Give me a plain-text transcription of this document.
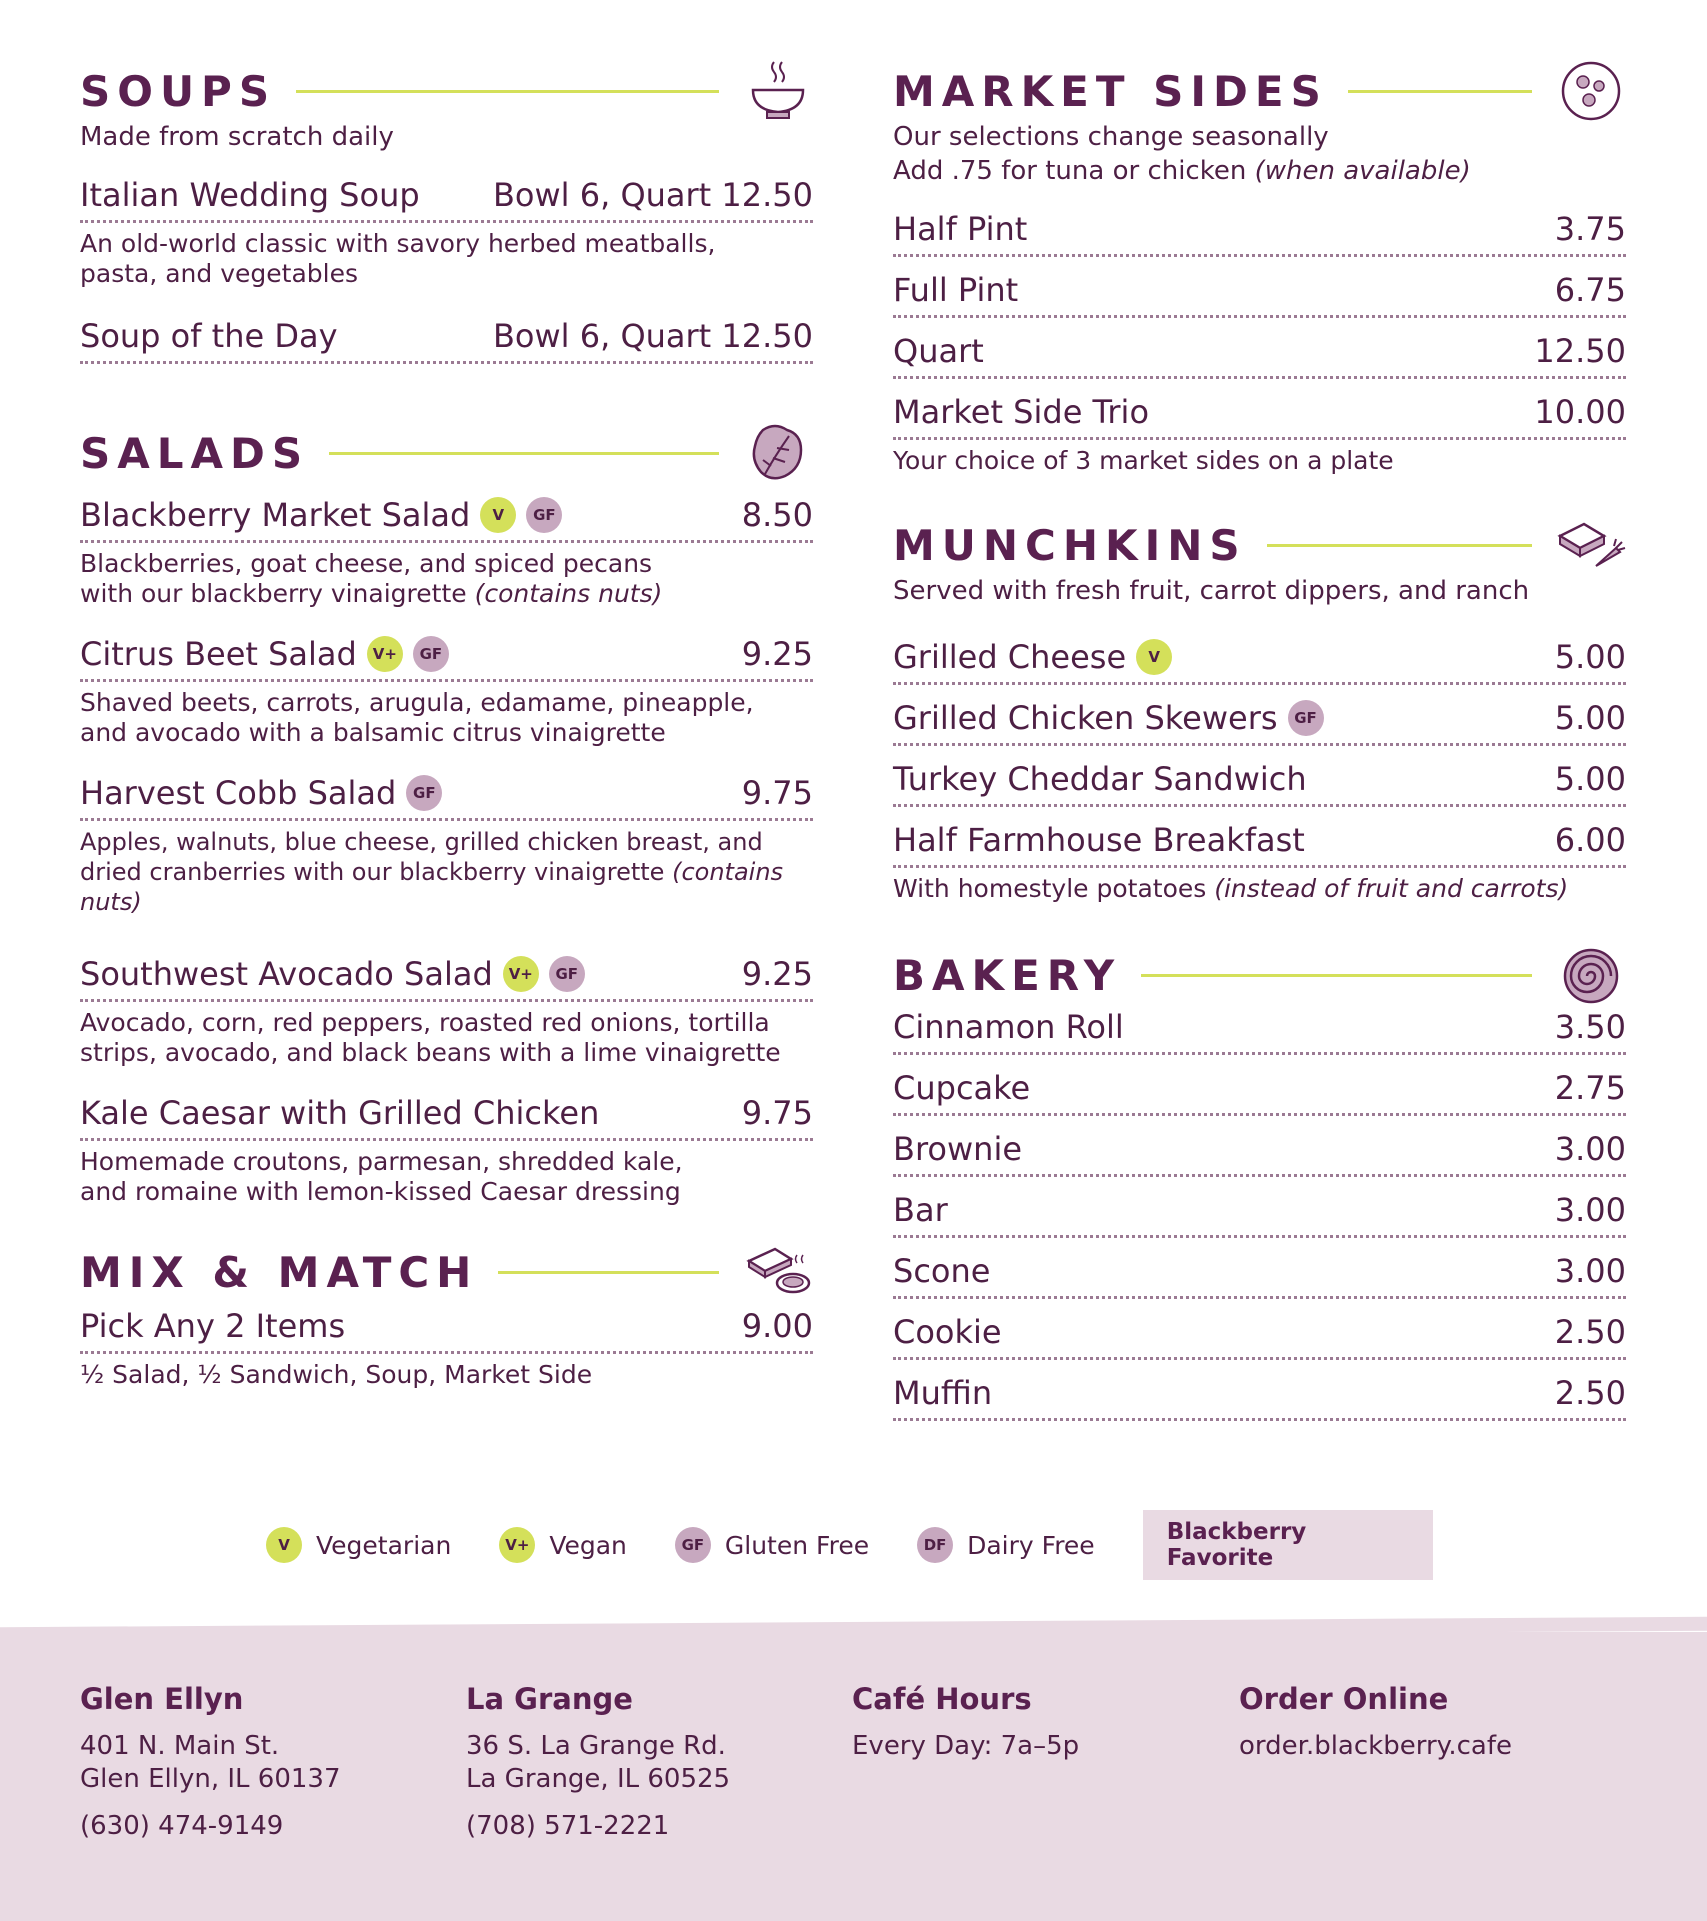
SOUPS
Made from scratch daily
Italian Wedding Soup Bowl 6, Quart 12.50
An old-world classic with savory herbed meatballs, pasta, and vegetables
Soup of the Day	Bowl 6, Quart 12.50
SALADS
Blackberry Market Salad	V	GF	8.50
Blackberries, goat cheese, and spiced pecans with our blackberry vinaigrette (contains nuts)
Citrus Beet Salad	V+	GF	9.25
Shaved beets, carrots, arugula, edamame, pineapple, and avocado with a balsamic citrus vinaigrette
Harvest Cobb Salad	GF	9.75
Apples, walnuts, blue cheese, grilled chicken breast, and dried cranberries with our blackberry vinaigrette (contains nuts)
Southwest Avocado Salad	V+	GF	9.25
Avocado, corn, red peppers, roasted red onions, tortilla strips, avocado, and black beans with a lime vinaigrette
Kale Caesar with Grilled Chicken	9.75
Homemade croutons, parmesan, shredded kale, and romaine with lemon-kissed Caesar dressing
MIX & MATCH
Pick Any 2 Items	9.00
½ Salad, ½ Sandwich, Soup, Market Side
MARKET SIDES
Our selections change seasonally
Add .75 for tuna or chicken (when available)
Half Pint	3.75
Full Pint	6.75
Quart	12.50
Market Side Trio	10.00
Your choice of 3 market sides on a plate
MUNCHKINS
Served with fresh fruit, carrot dippers, and ranch
Grilled Cheese	V	5.00
Grilled Chicken Skewers	GF	5.00
Turkey Cheddar Sandwich	5.00
Half Farmhouse Breakfast	6.00
With homestyle potatoes (instead of fruit and carrots)
BAKERY
Cinnamon Roll	3.50
Cupcake	2.75
Brownie	3.00
Bar	3.00
Scone	3.00
Cookie	2.50
Muffin	2.50
V	Vegetarian	V+ Vegan	GF Gluten Free	DF Dairy Free	Blackberry Favorite
Glen Ellyn
401 N. Main St.
Glen Ellyn, IL 60137
(630) 474-9149
La Grange
36 S. La Grange Rd.
La Grange, IL 60525
(708) 571-2221
Café Hours
Every Day: 7a–5p
Order Online
order.blackberry.cafe
